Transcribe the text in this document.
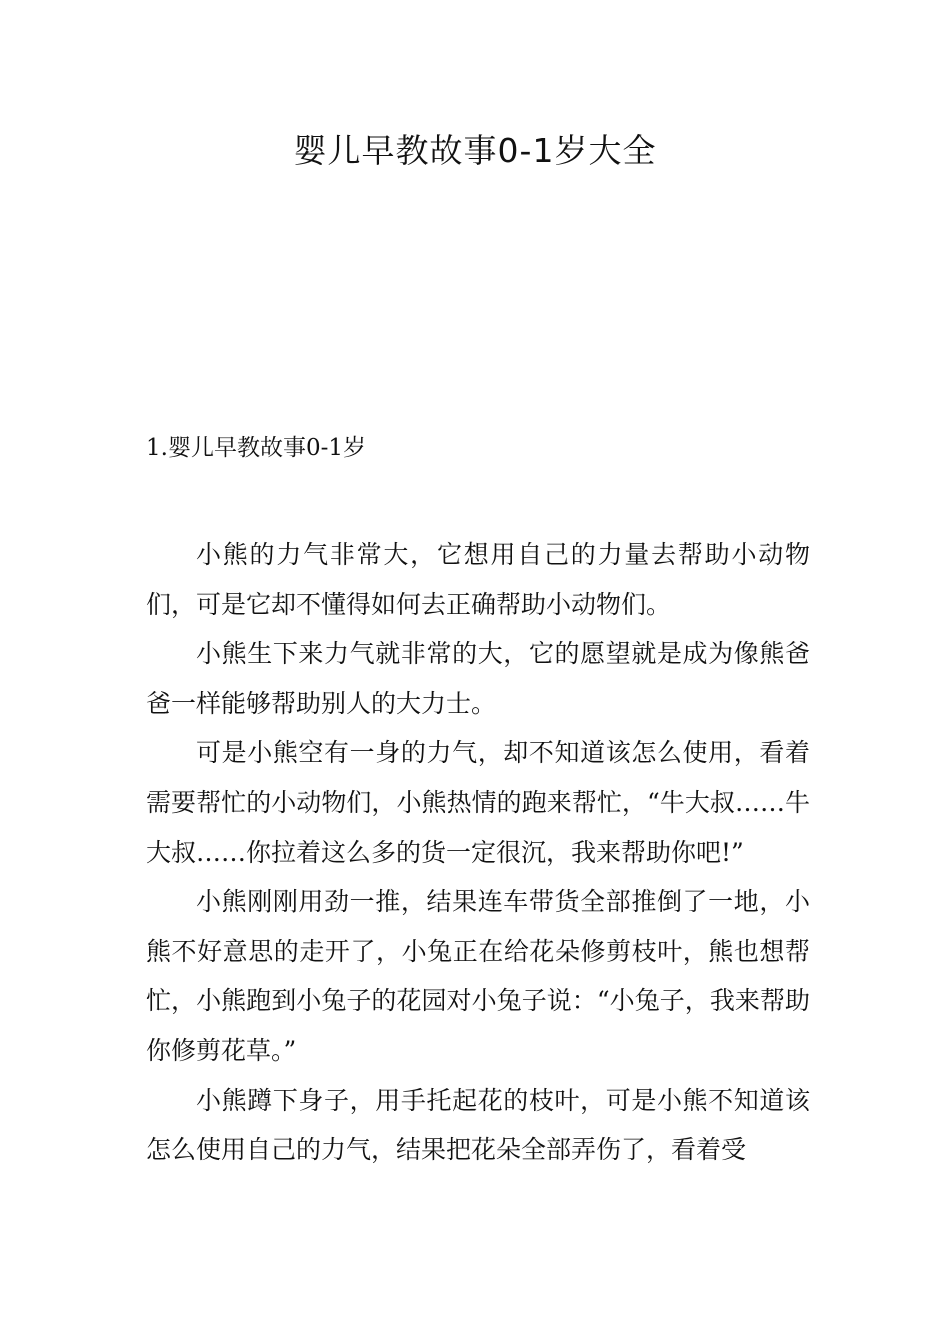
婴儿早教故事0-1岁大全
1.婴儿早教故事0-1岁

小熊的力气非常大，它想用自己的力量去帮助小动物们，可是它却不懂得如何去正确帮助小动物们。

小熊生下来力气就非常的大，它的愿望就是成为像熊爸爸一样能够帮助别人的大力士。

可是小熊空有一身的力气，却不知道该怎么使用，看着需要帮忙的小动物们，小熊热情的跑来帮忙，“牛大叔……牛大叔……你拉着这么多的货一定很沉，我来帮助你吧!”

小熊刚刚用劲一推，结果连车带货全部推倒了一地，小熊不好意思的走开了，小兔正在给花朵修剪枝叶，熊也想帮忙，小熊跑到小兔子的花园对小兔子说：“小兔子，我来帮助你修剪花草。”

小熊蹲下身子，用手托起花的枝叶，可是小熊不知道该怎么使用自己的力气，结果把花朵全部弄伤了，看着受
